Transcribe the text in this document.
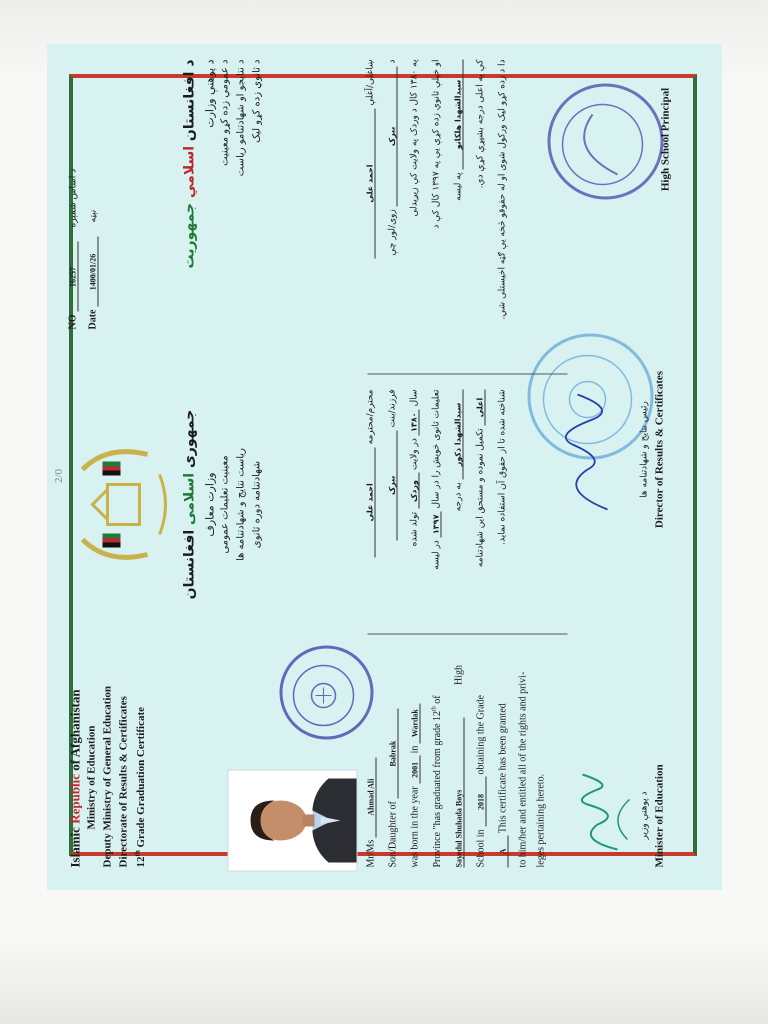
Islamic Republic of Afghanistan Ministry of Education Deputy Ministry of General Education Directorate of Results & Certificates 12th Grade Graduation Certificate
Mr/Ms Ahmad Ali
Son/Daughter of Babrak
was born in the year 2001 in Wardak Province "has graduated from grade 12th of
Sayedul Shuhada Boys High
School in 2018 obtaining the Grade
A This certificate has been granted to him/her and entitled all of the rights and privi- leges pertaining hereto.	د پوهنې وزیر Minister of Education
جمهوری اسلامی افغانستان
وزارت معارف معینیت تعلیمات عمومی ریاست نتایج و شهادتنامه ها شهادتنامه دوره ثانوی
محترم/محترمه احمد علی
فرزند/بنت ببرک
سال ۱۳۸۰ در ولایت وردک تولد شده
تعلیمات ثانوی خویش را در سال ۱۳۹۷ در لیسه
سیدالشهدا ذکور به درجه
اعلی تکمیل نموده و مستحق این شهادتنامه شناخته شده تا از حقوق آن استفاده نماید.	رئیس نتایج و شهادتنامه ها Director of Results & Certificates
NO 16257 د اساس شمېره
Date 1400/01/26 نېټه
د افغانستان اسلامي جمهوریت
د پوهنې وزارت د عمومي زده کړو معینیت د نتایجو او شهادتنامو ریاست د ثانوي زده کړو لیک	ښاغلی/آغلې احمد علی
د ببرک زوی/لور چې
په ۱۳۸۰ کال د وردک په ولایت کې زیږیدلی
او خپلې ثانوي زده کړې یې په ۱۳۹۷ کال کې د سیدالشهدا هلکانو په لیسه کې په اعلی درجه بشپړې کړې دي. دا د زده کړو لیک ورکول شوی او له حقوقو څخه یې ګټه اخیستلی شي.	High School Principal
2/0
